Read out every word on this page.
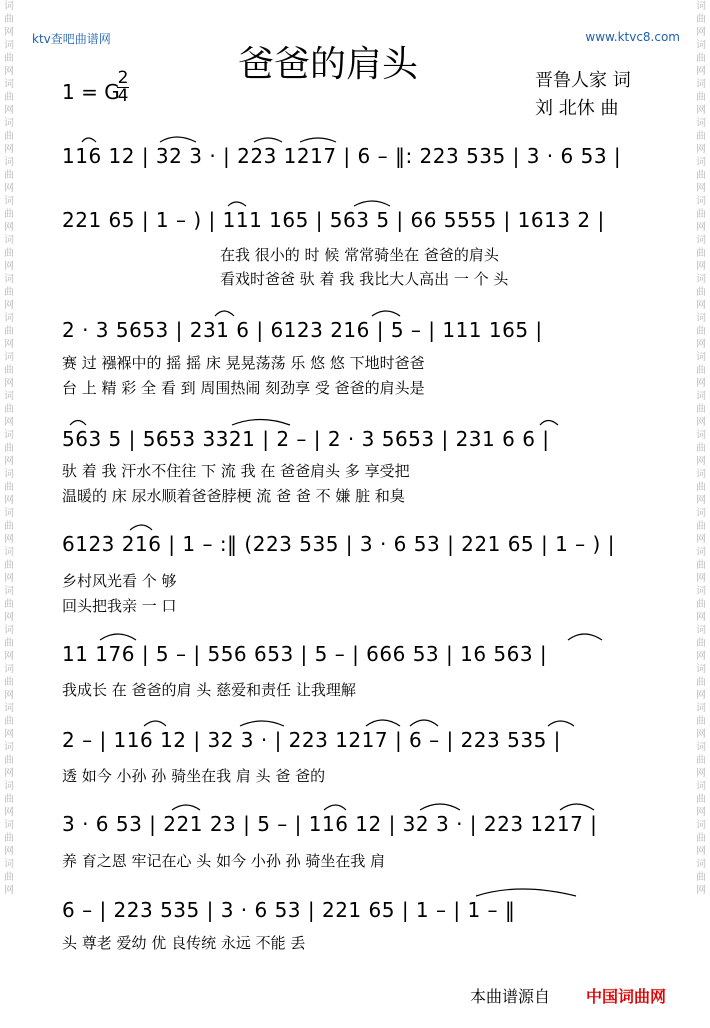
词 曲 网 词 曲 网 词 曲 网 词 曲 网 词 曲 网 词 曲 网 词 曲 网 词 曲 网 词 曲 网 词 曲 网 词 曲 网 词 曲 网 词 曲 网 词 曲 网 词 曲 网 词 曲 网 词 曲 网 词 曲 网 词 曲 网 词 曲 网 词 曲 网 词 曲 网 词 曲 网
词 曲 网 词 曲 网 词 曲 网 词 曲 网 词 曲 网 词 曲 网 词 曲 网 词 曲 网 词 曲 网 词 曲 网 词 曲 网 词 曲 网 词 曲 网 词 曲 网 词 曲 网 词 曲 网 词 曲 网 词 曲 网 词 曲 网 词 曲 网 词 曲 网 词 曲 网 词 曲 网
ktv查吧曲谱网	www.ktvc8.com
爸爸的肩头
1 = G
2
4
晋鲁人家 词
刘 北休 曲
116 12 | 32 3 · | 223 1217 | 6 – ‖: 223 535 | 3 · 6 53 |
221 65 | 1 – ) | 111 165 | 563 5 | 66 5555 | 1613 2 |
在我 很小的 时 候 常常骑坐在 爸爸的肩头
看戏时爸爸 驮 着 我 我比大人高出 一 个 头
2 · 3 5653 | 231 6 | 6123 216 | 5 – | 111 165 |
赛 过 襁褓中的 摇 摇 床 晃晃荡荡 乐 悠 悠 下地时爸爸
台 上 精 彩 全 看 到 周围热闹 刻劲享 受 爸爸的肩头是
563 5 | 5653 3321 | 2 – | 2 · 3 5653 | 231 6 6 |
驮 着 我 汗水不住往 下 流 我 在 爸爸肩头 多 享受把
温暖的 床 尿水顺着爸爸脖梗 流 爸 爸 不 嫌 脏 和臭
6123 216 | 1 – :‖ (223 535 | 3 · 6 53 | 221 65 | 1 – ) |
乡村风光看 个 够
回头把我亲 一 口
11 176 | 5 – | 556 653 | 5 – | 666 53 | 16 563 |
我成长 在 爸爸的肩 头 慈爱和责任 让我理解
2 – | 116 12 | 32 3 · | 223 1217 | 6 – | 223 535 |
透 如今 小孙 孙 骑坐在我 肩 头 爸 爸的
3 · 6 53 | 221 23 | 5 – | 116 12 | 32 3 · | 223 1217 |
养 育之恩 牢记在心 头 如今 小孙 孙 骑坐在我 肩
6 – | 223 535 | 3 · 6 53 | 221 65 | 1 – | 1 – ‖
头 尊老 爱幼 优 良传统 永远 不能 丢
本曲谱源自 中国词曲网
